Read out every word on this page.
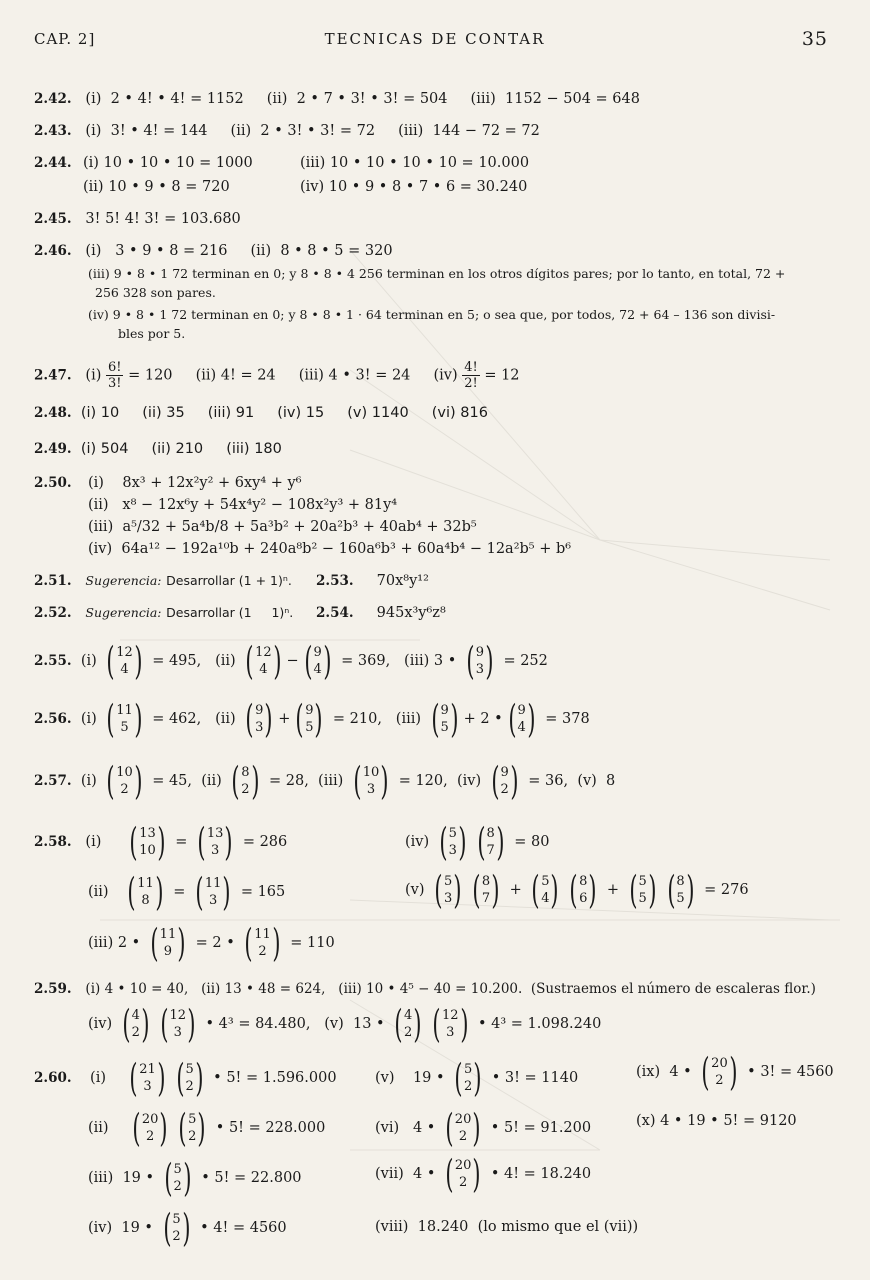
CAP. 2]	TECNICAS DE CONTAR	35
2.42. (i)  2 • 4! • 4! = 1152     (ii)  2 • 7 • 3! • 3! = 504     (iii)  1152 − 504 = 648
2.43. (i)  3! • 4! = 144     (ii)  2 • 3! • 3! = 72     (iii)  144 − 72 = 72
2.44. (i) 10 • 10 • 10 = 1000	(iii) 10 • 10 • 10 • 10 = 10.000
(ii) 10 • 9 • 8 = 720	(iv) 10 • 9 • 8 • 7 • 6 = 30.240
2.45. 3! 5! 4! 3! = 103.680
2.46. (i)   3 • 9 • 8 = 216     (ii)  8 • 8 • 5 = 320
(iii) 9 • 8 • 1 72 terminan en 0; y 8 • 8 • 4 256 terminan en los otros dígitos pares; por lo tanto, en total, 72 +
256 328 son pares.
(iv) 9 • 8 • 1 72 terminan en 0; y 8 • 8 • 1 · 64 terminan en 5; o sea que, por todos, 72 + 64 – 136 son divisi-
bles por 5.
2.47. $(i) \frac{6!}{3!} = 120$ (ii) 4! = 24 (iii) 4 • 3! = 24 $(iv) \frac{4!}{2!} = 12$
2.48. (i) 10     (ii) 35     (iii) 91     (iv) 15     (v) 1140     (vi) 816
2.49. (i) 504     (ii) 210     (iii) 180
2.50. (i)    8x³ + 12x²y² + 6xy⁴ + y⁶
(ii)   x⁸ − 12x⁶y + 54x⁴y² − 108x²y³ + 81y⁴
(iii)  a⁵/32 + 5a⁴b/8 + 5a³b² + 20a²b³ + 40ab⁴ + 32b⁵
(iv)  64a¹² − 192a¹⁰b + 240a⁸b² − 160a⁶b³ + 60a⁴b⁴ − 12a²b⁵ + b⁶
2.51. Sugerencia: Desarrollar (1 + 1)ⁿ. 2.53. 70x⁸y¹²
2.52. Sugerencia: Desarrollar (1     1)ⁿ. 2.54. 945x³y⁶z⁸
2.55. (i) ( 12
4 ) = 495, (ii) ( 12
4 ) − ( 9
4 ) = 369, (iii) 3 • ( 9
3 ) = 252
2.56. (i) ( 11
5 ) = 462, (ii) ( 9
3 ) + ( 9
5 ) = 210, (iii) ( 9
5 ) + 2 • ( 9
4 ) = 378
2.57. (i) ( 10
2 ) = 45, (ii) ( 8
2 ) = 28, (iii) ( 10
3 ) = 120, (iv) ( 9
2 ) = 36, (v)  8
2.58. (i) ( 13
10 ) = ( 13
3 ) = 286	(iv) ( 5
3 ) ( 8
7 ) = 80
(ii) ( 11
8 ) = ( 11
3 ) = 165	(v) ( 5
3 ) ( 8
7 ) + ( 5
4 ) ( 8
6 ) + ( 5
5 ) ( 8
5 ) = 276
(iii) 2 • ( 11
9 ) = 2 • ( 11
2 ) = 110
2.59. (i) 4 • 10 = 40,   (ii) 13 • 48 = 624,   (iii) 10 • 4⁵ − 40 = 10.200.  (Sustraemos el número de escaleras flor.)
(iv) ( 4
2 ) ( 12
3 ) • 4³ = 84.480, (v)  13 • ( 4
2 ) ( 12
3 ) • 4³ = 1.098.240
2.60. (i) ( 21
3 ) ( 5
2 ) • 5! = 1.596.000	(v)    19 • ( 5
2 ) • 3! = 1140	(ix)  4 • ( 20
2 ) • 3! = 4560
(ii) ( 20
2 ) ( 5
2 ) • 5! = 228.000	(vi)   4 • ( 20
2 ) • 5! = 91.200	(x) 4 • 19 • 5! = 9120
(iii)  19 • ( 5
2 ) • 5! = 22.800	(vii)  4 • ( 20
2 ) • 4! = 18.240
(iv)  19 • ( 5
2 ) • 4! = 4560	(viii)  18.240  (lo mismo que el (vii))
